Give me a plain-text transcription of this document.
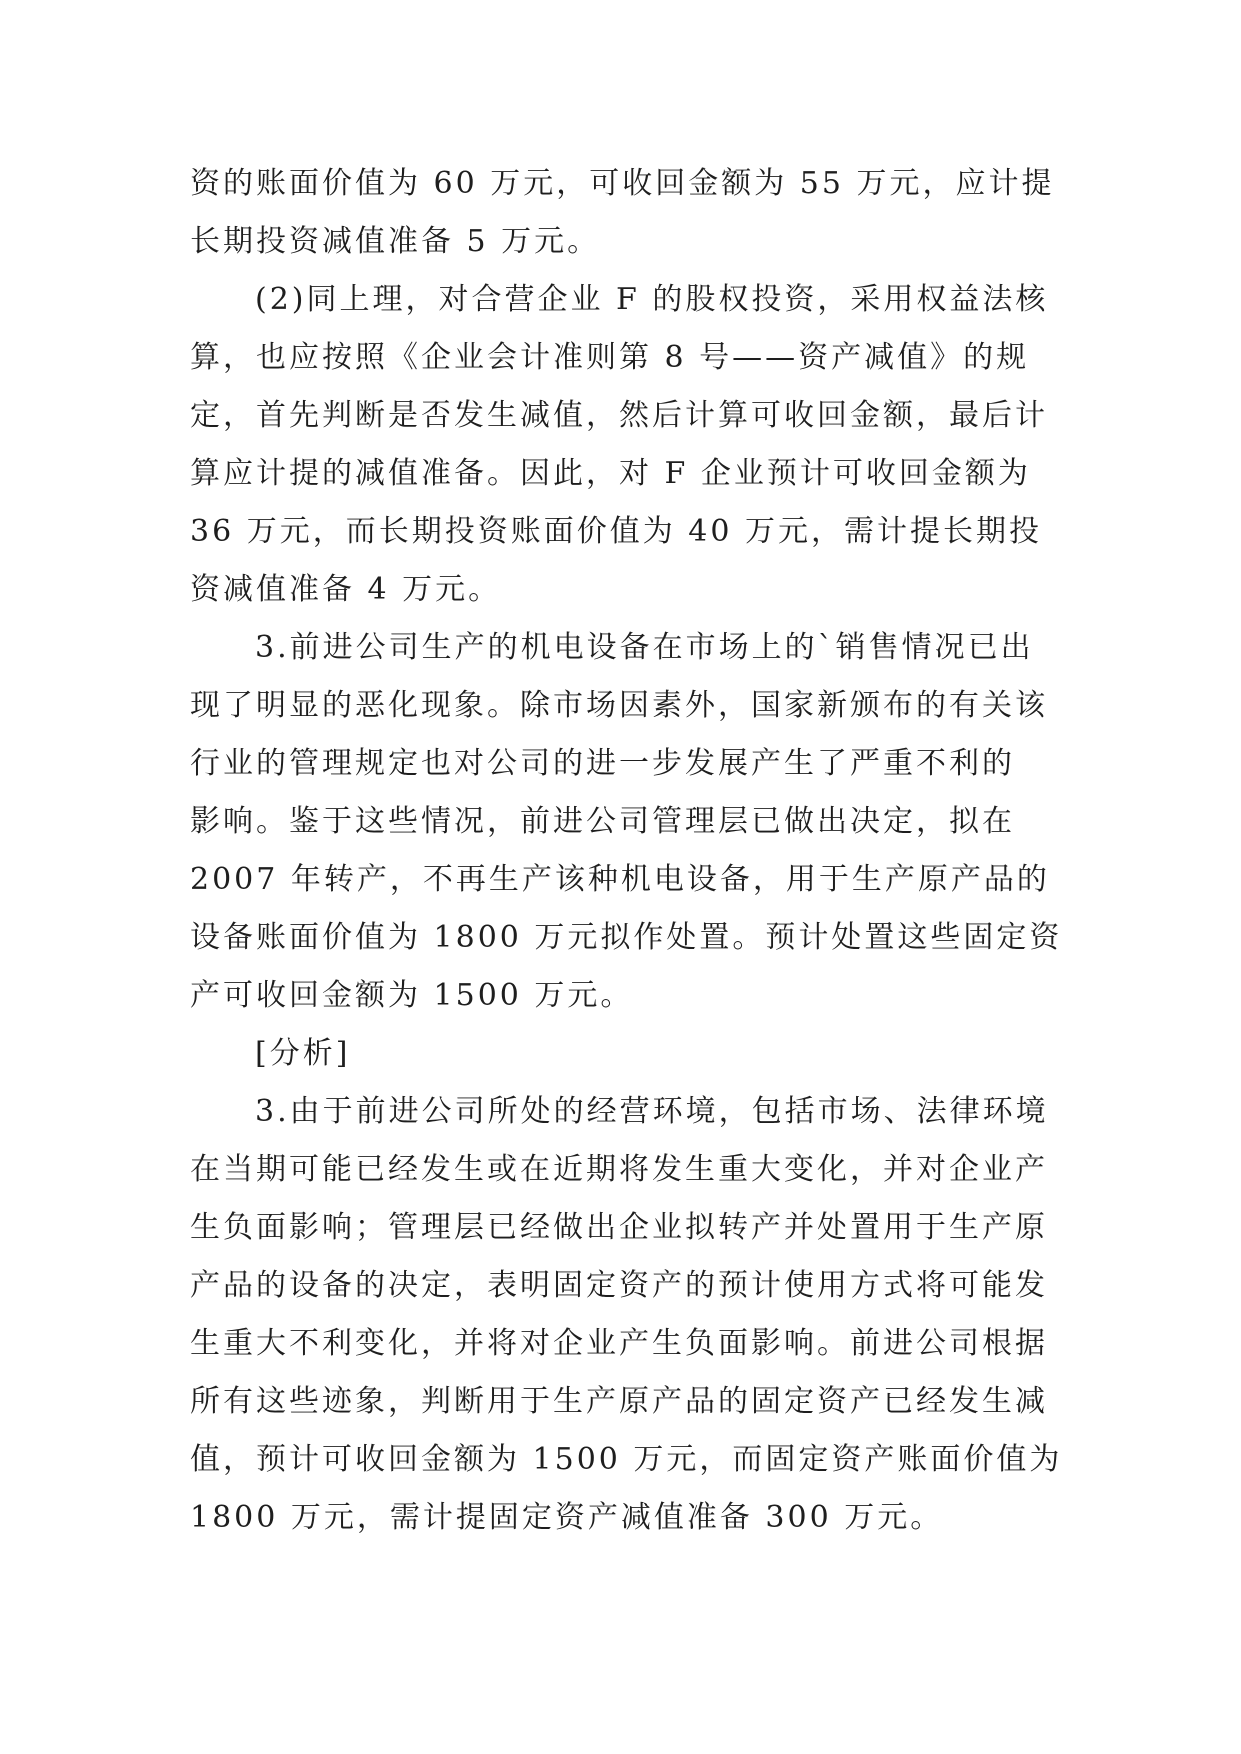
资的账面价值为 60 万元，可收回金额为 55 万元，应计提
长期投资减值准备 5 万元。
(2)同上理，对合营企业 F 的股权投资，采用权益法核
算，也应按照《企业会计准则第 8 号——资产减值》的规
定，首先判断是否发生减值，然后计算可收回金额，最后计
算应计提的减值准备。因此，对 F 企业预计可收回金额为
36 万元，而长期投资账面价值为 40 万元，需计提长期投
资减值准备 4 万元。
3.前进公司生产的机电设备在市场上的`销售情况已出
现了明显的恶化现象。除市场因素外，国家新颁布的有关该
行业的管理规定也对公司的进一步发展产生了严重不利的
影响。鉴于这些情况，前进公司管理层已做出决定，拟在
2007 年转产，不再生产该种机电设备，用于生产原产品的
设备账面价值为 1800 万元拟作处置。预计处置这些固定资
产可收回金额为 1500 万元。
[分析]
3.由于前进公司所处的经营环境，包括市场、法律环境
在当期可能已经发生或在近期将发生重大变化，并对企业产
生负面影响；管理层已经做出企业拟转产并处置用于生产原
产品的设备的决定，表明固定资产的预计使用方式将可能发
生重大不利变化，并将对企业产生负面影响。前进公司根据
所有这些迹象，判断用于生产原产品的固定资产已经发生减
值，预计可收回金额为 1500 万元，而固定资产账面价值为
1800 万元，需计提固定资产减值准备 300 万元。
